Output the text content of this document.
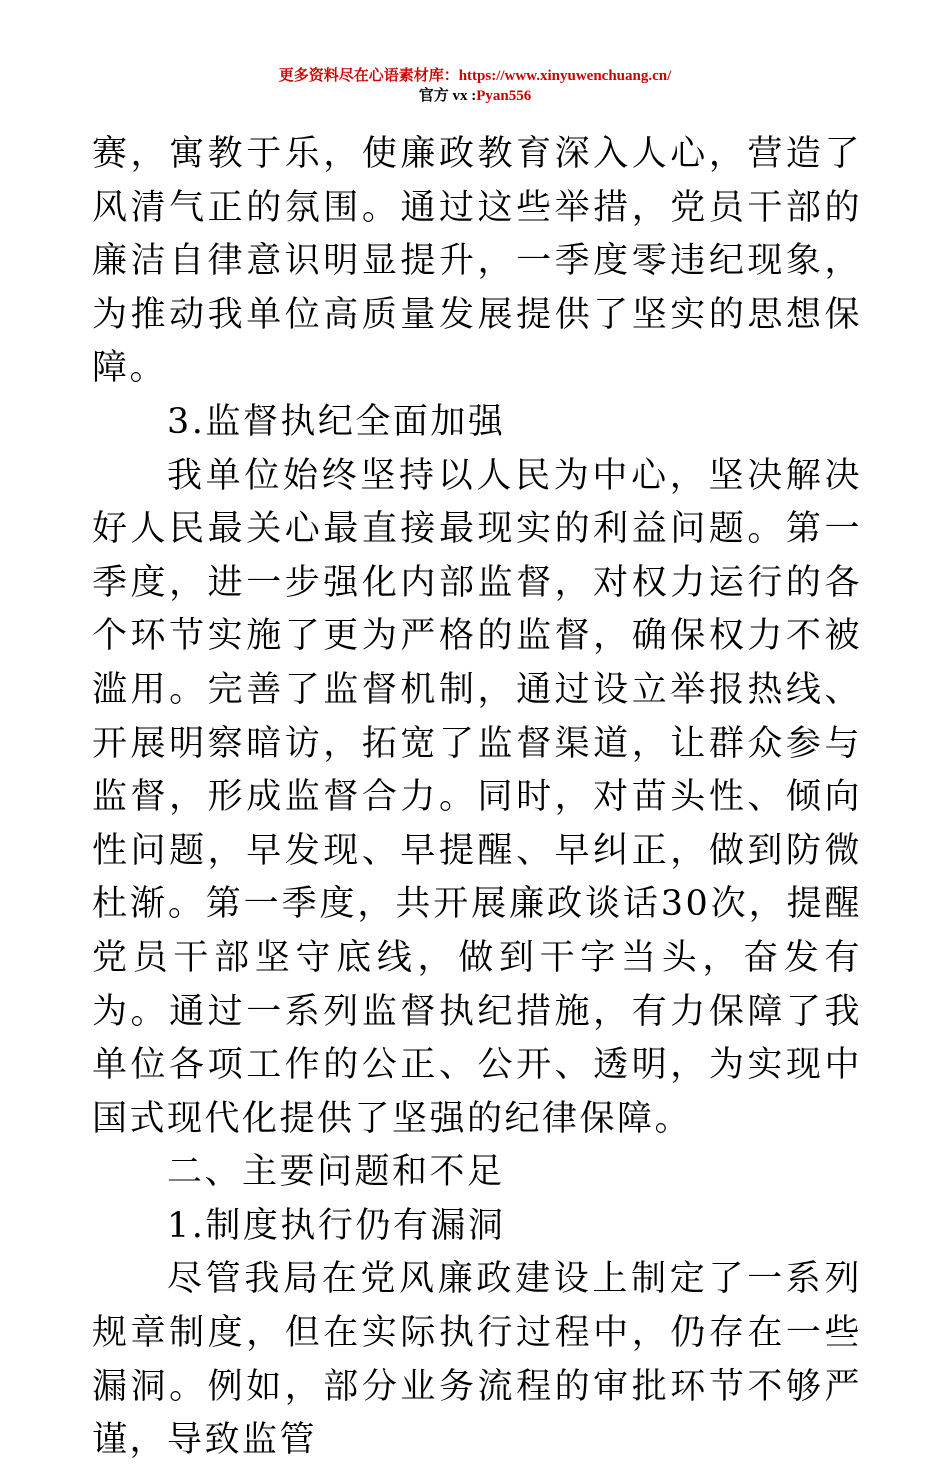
更多资料尽在心语素材库：https://www.xinyuwenchuang.cn/
官方 vx :Pyan556

赛，寓教于乐，使廉政教育深入人心，营造了风清气正的氛围。通过这些举措，党员干部的廉洁自律意识明显提升，一季度零违纪现象，为推动我单位高质量发展提供了坚实的思想保障。

3.监督执纪全面加强

我单位始终坚持以人民为中心，坚决解决好人民最关心最直接最现实的利益问题。第一季度，进一步强化内部监督，对权力运行的各个环节实施了更为严格的监督，确保权力不被滥用。完善了监督机制，通过设立举报热线、开展明察暗访，拓宽了监督渠道，让群众参与监督，形成监督合力。同时，对苗头性、倾向性问题，早发现、早提醒、早纠正，做到防微杜渐。第一季度，共开展廉政谈话30次，提醒党员干部坚守底线，做到干字当头，奋发有为。通过一系列监督执纪措施，有力保障了我单位各项工作的公正、公开、透明，为实现中国式现代化提供了坚强的纪律保障。

二、主要问题和不足

1.制度执行仍有漏洞

尽管我局在党风廉政建设上制定了一系列规章制度，但在实际执行过程中，仍存在一些漏洞。例如，部分业务流程的审批环节不够严谨，导致监管
